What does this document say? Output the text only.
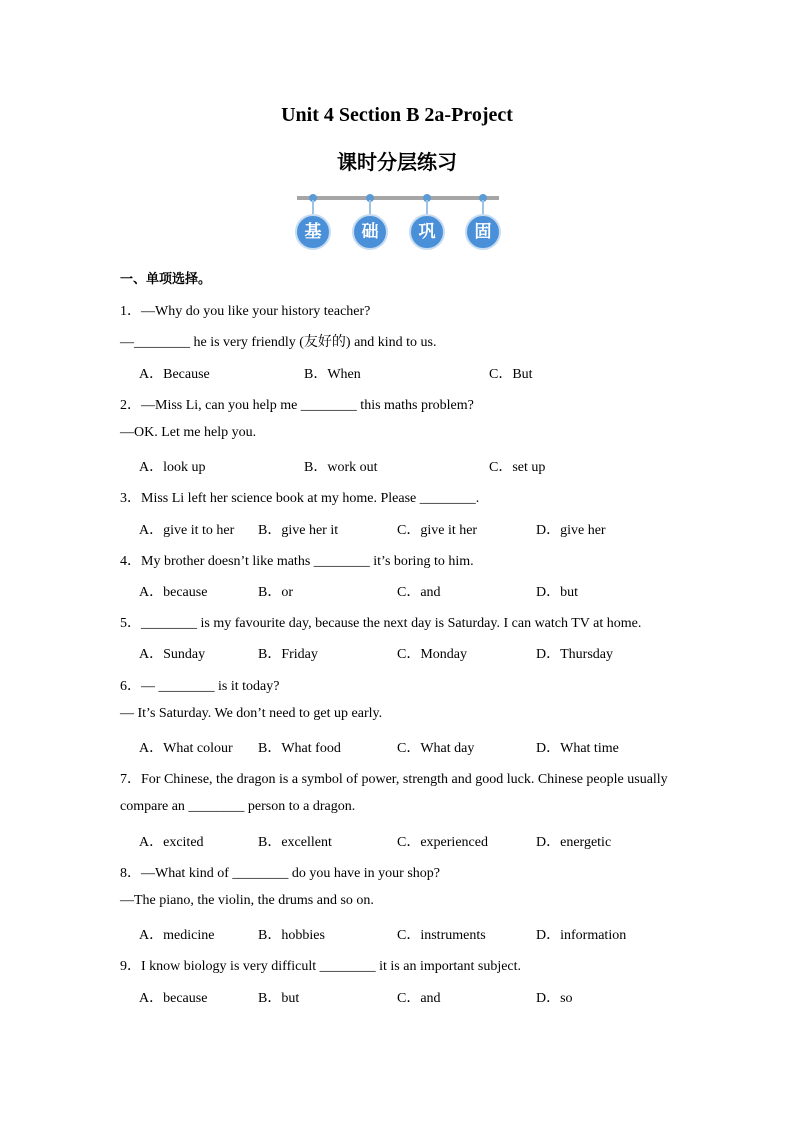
Unit 4 Section B 2a-Project
课时分层练习
基	础	巩	固
一、单项选择。
1．—Why do you like your history teacher?
—________ he is very friendly (友好的) and kind to us.
A．Because	B．When	C．But
2．—Miss Li, can you help me ________ this maths problem?
—OK. Let me help you.
A．look up	B．work out	C．set up
3．Miss Li left her science book at my home. Please ________.
A．give it to her B．give her it	C．give it her	D．give her
4．My brother doesn’t like maths ________ it’s boring to him.
A．because	B．or	C．and	D．but
5．________ is my favourite day, because the next day is Saturday. I can watch TV at home.
A．Sunday	B．Friday	C．Monday	D．Thursday
6．— ________ is it today?
— It’s Saturday. We don’t need to get up early.
A．What colour B．What food	C．What day	D．What time
7．For Chinese, the dragon is a symbol of power, strength and good luck. Chinese people usually
compare an ________ person to a dragon.
A．excited	B．excellent	C．experienced	D．energetic
8．—What kind of ________ do you have in your shop?
—The piano, the violin, the drums and so on.
A．medicine	B．hobbies	C．instruments	D．information
9．I know biology is very difficult ________ it is an important subject.
A．because	B．but	C．and	D．so
